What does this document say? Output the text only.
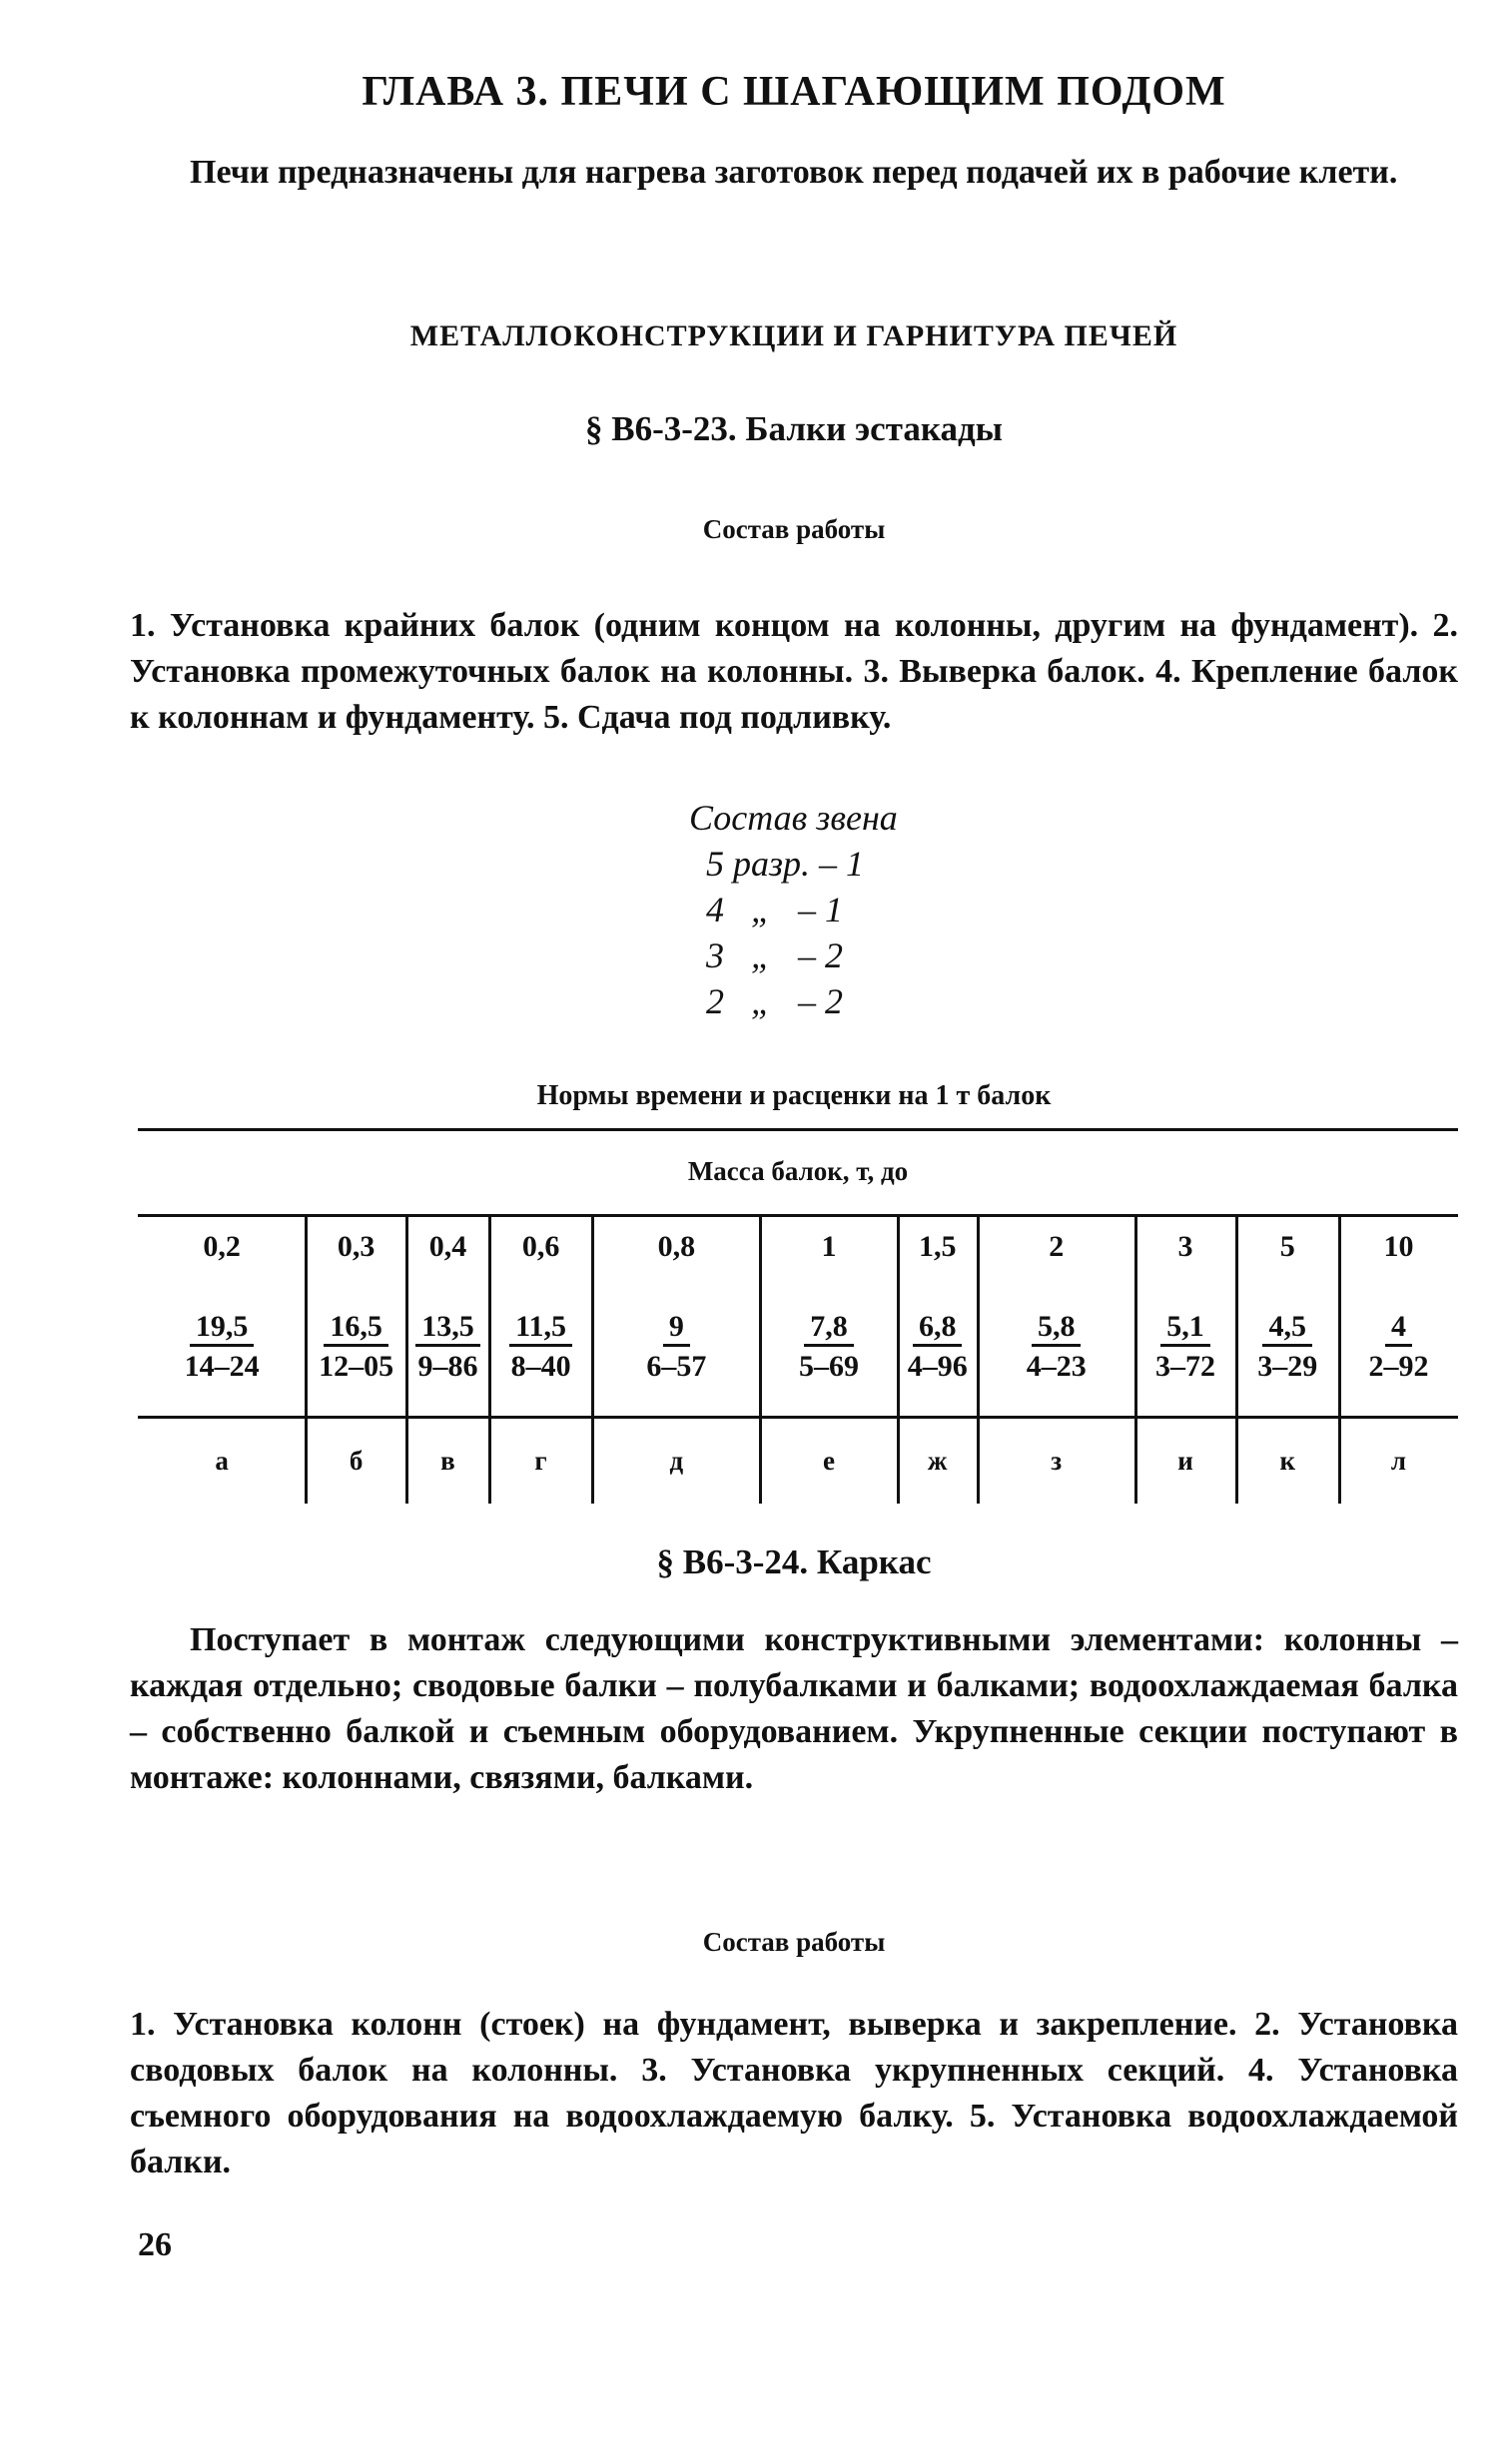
ГЛАВА 3. ПЕЧИ С ШАГАЮЩИМ ПОДОМ
Печи предназначены для нагрева заготовок перед подачей их в рабочие клети.
МЕТАЛЛОКОНСТРУКЦИИ И ГАРНИТУРА ПЕЧЕЙ
§ В6-3-23. Балки эстакады
Состав работы
1. Установка крайних балок (одним концом на колонны, другим на фундамент). 2. Установка промежуточных балок на колонны. 3. Выверка балок. 4. Крепление балок к колоннам и фундаменту. 5. Сдача под подливку.
Состав звена
5 разр. – 1
4   „   – 1
3   „   – 2
2   „   – 2
Нормы времени и расценки на 1 т балок
Масса балок, т, до
0,2
19,5
14–24
а
0,3
16,5
12–05
б
0,4
13,5
9–86
в
0,6
11,5
8–40
г
0,8
9
6–57
д
1
7,8
5–69
е
1,5
6,8
4–96
ж
2
5,8
4–23
з
3
5,1
3–72
и
5
4,5
3–29
к
10
4
2–92
л
§ В6-3-24. Каркас
Поступает в монтаж следующими конструктивными элементами: колонны – каждая отдельно; сводовые балки – полубалками и балками; водоохлаждаемая балка – собственно балкой и съемным оборудованием. Укрупненные секции поступают в монтаже: колоннами, связями, балками.
Состав работы
1. Установка колонн (стоек) на фундамент, выверка и закрепление. 2. Установка сводовых балок на колонны. 3. Установка укрупненных секций. 4. Установка съемного оборудования на водоохлаждаемую балку. 5. Установка водоохлаждаемой балки.
26
